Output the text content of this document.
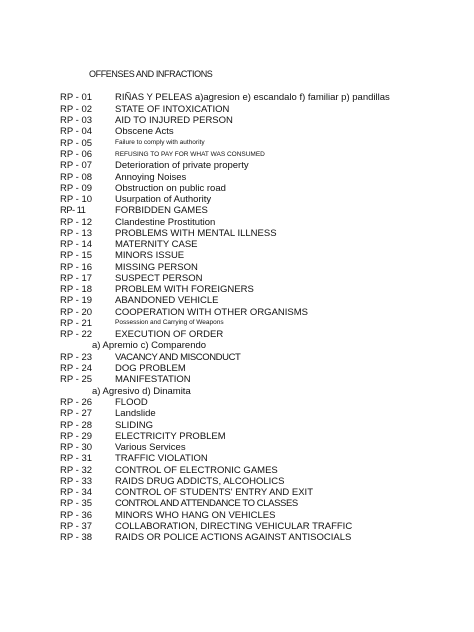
OFFENSES AND INFRACTIONS
RP - 01 RIÑAS Y PELEAS a)agresion e) escandalo f) familiar p) pandillas
RP - 02 STATE OF INTOXICATION
RP - 03 AID TO INJURED PERSON
RP - 04 Obscene Acts
RP - 05	Failure to comply with authority
RP - 06	REFUSING TO PAY FOR WHAT WAS CONSUMED
RP - 07 Deterioration of private property
RP - 08 Annoying Noises
RP - 09 Obstruction on public road
RP - 10 Usurpation of Authority
RP- 11	FORBIDDEN GAMES
RP - 12 Clandestine Prostitution
RP - 13 PROBLEMS WITH MENTAL ILLNESS
RP - 14 MATERNITY CASE
RP - 15 MINORS ISSUE
RP - 16 MISSING PERSON
RP - 17 SUSPECT PERSON
RP - 18 PROBLEM WITH FOREIGNERS
RP - 19 ABANDONED VEHICLE
RP - 20 COOPERATION WITH OTHER ORGANISMS
RP - 21	Possession and Carrying of Weapons
RP - 22 EXECUTION OF ORDER
a) Apremio c) Comparendo
RP - 23 VACANCY AND MISCONDUCT
RP - 24 DOG PROBLEM
RP - 25 MANIFESTATION
a) Agresivo d) Dinamita
RP - 26 FLOOD
RP - 27 Landslide
RP - 28 SLIDING
RP - 29 ELECTRICITY PROBLEM
RP - 30 Various Services
RP - 31 TRAFFIC VIOLATION
RP - 32 CONTROL OF ELECTRONIC GAMES
RP - 33 RAIDS DRUG ADDICTS, ALCOHOLICS
RP - 34 CONTROL OF STUDENTS' ENTRY AND EXIT
RP - 35 CONTROL AND ATTENDANCE TO CLASSES
RP - 36 MINORS WHO HANG ON VEHICLES
RP - 37 COLLABORATION, DIRECTING VEHICULAR TRAFFIC
RP - 38 RAIDS OR POLICE ACTIONS AGAINST ANTISOCIALS
